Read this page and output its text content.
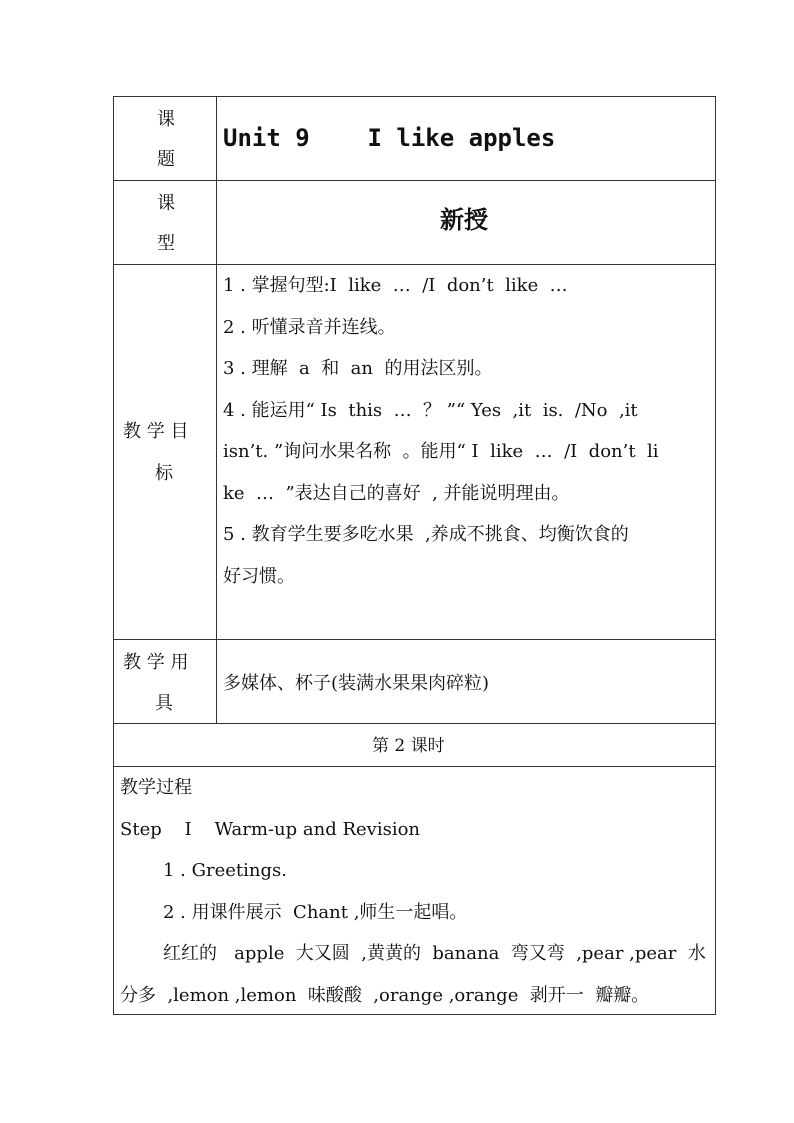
课
题
Unit 9    I like apples
课
型
新授
教 学 目
标
1 . 掌握句型:I  like  …  /I  don’t  like  …
2 . 听懂录音并连线。
3 . 理解  a  和  an  的用法区别。
4 . 能运用“ Is  this  …  ？ ”“ Yes  ,it  is.  /No  ,it
isn’t. ”询问水果名称  。能用“ I  like  …  /I  don’t  li
ke  …  ”表达自己的喜好  , 并能说明理由。
5 . 教育学生要多吃水果  ,养成不挑食、均衡饮食的
好习惯。
教 学 用
具
多媒体、杯子(装满水果果肉碎粒)
第 2 课时
教学过程
Step    I    Warm-up and Revision
1 . Greetings.
2 . 用课件展示  Chant ,师生一起唱。
红红的   apple  大又圆  ,黄黄的  banana  弯又弯  ,pear ,pear  水
分多  ,lemon ,lemon  味酸酸  ,orange ,orange  剥开一  瓣瓣。
